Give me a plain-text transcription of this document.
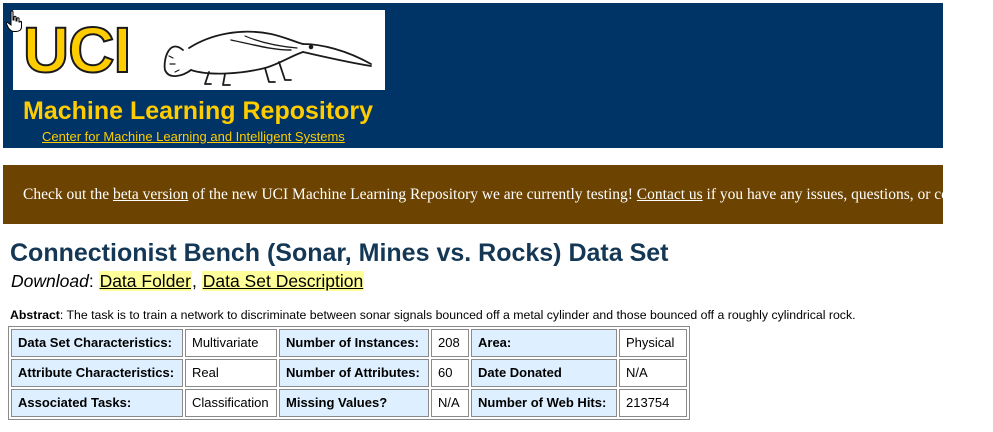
UCI
Machine Learning Repository
Center for Machine Learning and Intelligent Systems
Check out the beta version of the new UCI Machine Learning Repository we are currently testing! Contact us if you have any issues, questions, or concerns.
Connectionist Bench (Sonar, Mines vs. Rocks) Data Set
Download: Data Folder, Data Set Description
Abstract: The task is to train a network to discriminate between sonar signals bounced off a metal cylinder and those bounced off a roughly cylindrical rock.
Data Set Characteristics:	Multivariate	Number of Instances:	208	Area:	Physical
Attribute Characteristics:	Real	Number of Attributes:	60	Date Donated	N/A
Associated Tasks:	Classification	Missing Values?	N/A	Number of Web Hits:	213754
